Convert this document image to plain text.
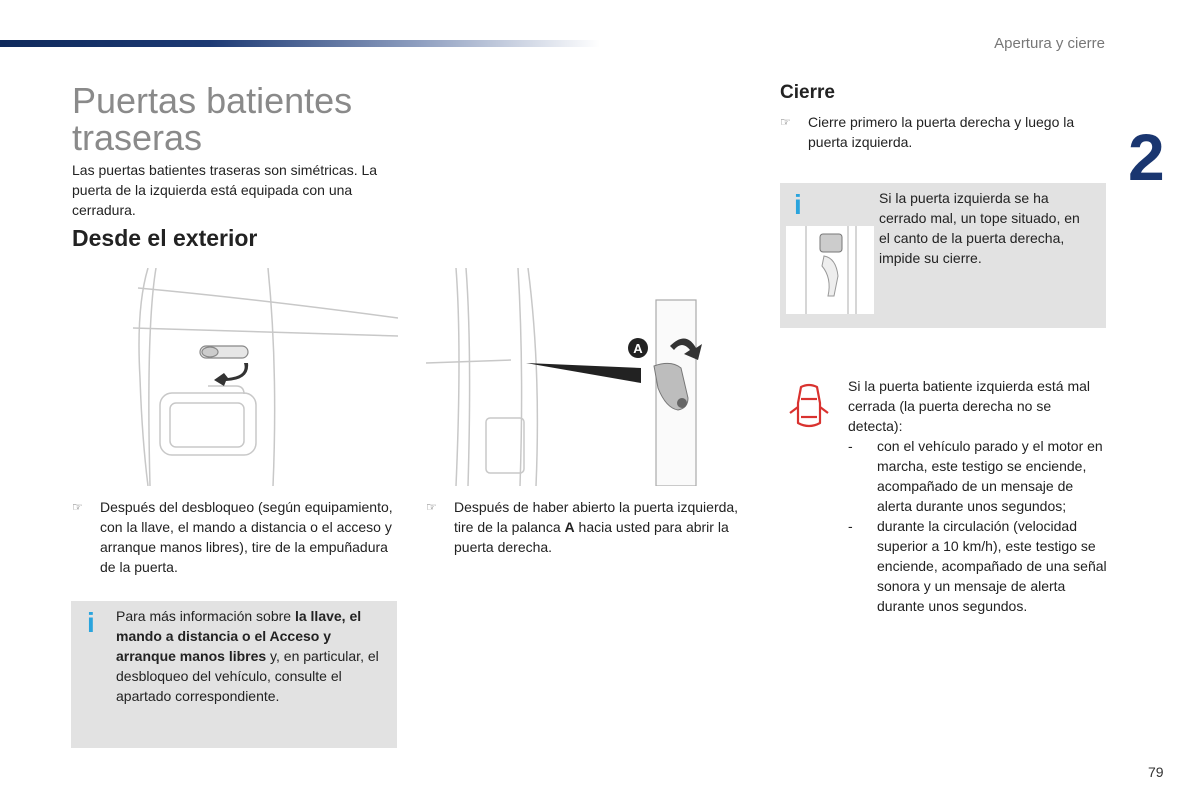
Apertura y cierre
2
79
Puertas batientes traseras

Las puertas batientes traseras son simétricas. La puerta de la izquierda está equipada con una cerradura.

Desde el exterior
A

☞ Después del desbloqueo (según equipamiento, con la llave, el mando a distancia o el acceso y arranque manos libres), tire de la empuñadura de la puerta.

☞ Después de haber abierto la puerta izquierda, tire de la palanca A hacia usted para abrir la puerta derecha.

i Para más información sobre la llave, el mando a distancia o el Acceso y arranque manos libres y, en particular, el desbloqueo del vehículo, consulte el apartado correspondiente.

Cierre

☞ Cierre primero la puerta derecha y luego la puerta izquierda.

i	Si la puerta izquierda se ha cerrado mal, un tope situado, en el canto de la puerta derecha, impide su cierre.

Si la puerta batiente izquierda está mal cerrada (la puerta derecha no se detecta):

- con el vehículo parado y el motor en marcha, este testigo se enciende, acompañado de un mensaje de alerta durante unos segundos;
- durante la circulación (velocidad superior a 10 km/h), este testigo se enciende, acompañado de una señal sonora y un mensaje de alerta durante unos segundos.
